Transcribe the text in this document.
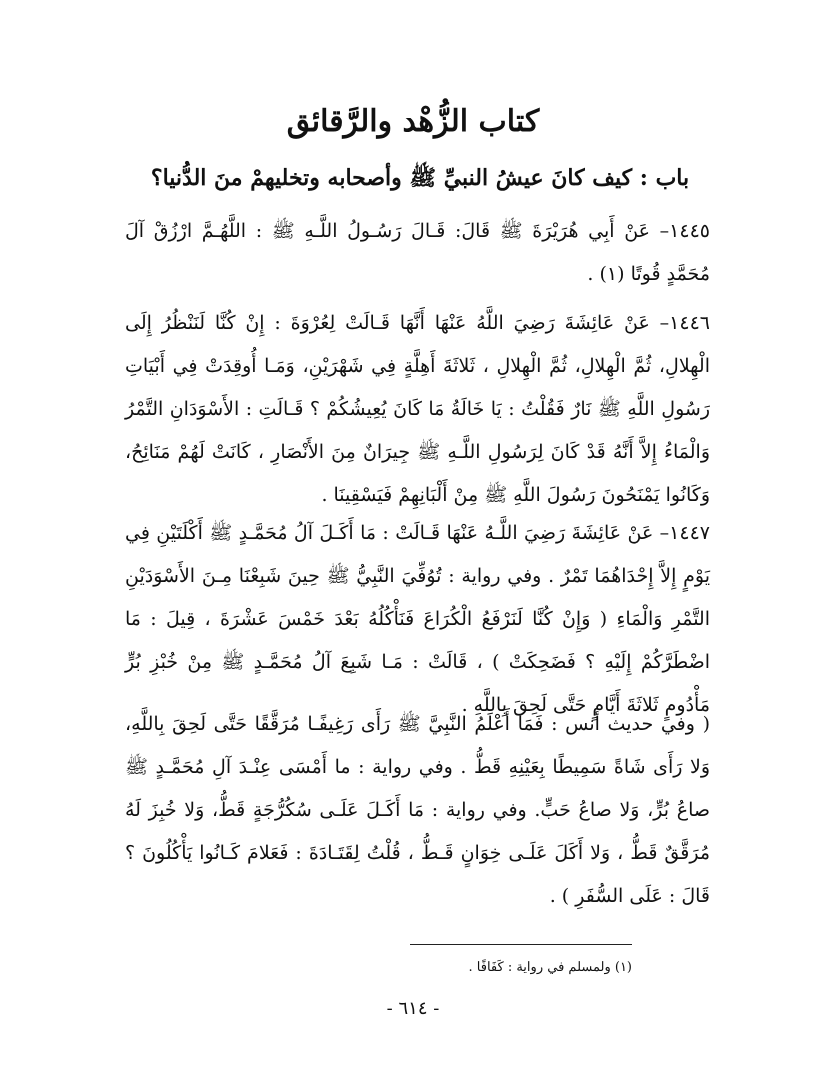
كتاب الزُّهْد والرَّقائق
باب : كيف كانَ عيشُ النبيِّ ﷺ وأصحابه وتخليهمْ منَ الدُّنيا؟
١٤٤٥– عَنْ أَبِي هُرَيْرَةَ ﷺ قَالَ: قَـالَ رَسُـولُ اللَّـهِ ﷺ : اللَّهُـمَّ ارْزُقْ آلَ مُحَمَّدٍ قُوتًا (١) .
١٤٤٦– عَنْ عَائِشَةَ رَضِيَ اللَّهُ عَنْهَا أَنَّهَا قَـالَتْ لِعُرْوَةَ : إِنْ كُنَّا لَنَنْظُرُ إِلَى الْهِلالِ، ثُمَّ الْهِلالِ، ثُمَّ الْهِلالِ ، ثَلاثَةَ أَهِلَّةٍ فِي شَهْرَيْنِ، وَمَـا أُوقِدَتْ فِي أَبْيَاتِ رَسُولِ اللَّهِ ﷺ نَارٌ فَقُلْتُ : يَا خَالَةُ مَا كَانَ يُعِيشُكُمْ ؟ قَـالَتِ : الأَسْوَدَانِ التَّمْرُ وَالْمَاءُ إِلاَّ أَنَّهُ قَدْ كَانَ لِرَسُولِ اللَّـهِ ﷺ جِيرَانٌ مِنَ الأَنْصَارِ ، كَانَتْ لَهُمْ مَنَائِحُ، وَكَانُوا يَمْنَحُونَ رَسُولَ اللَّهِ ﷺ مِنْ أَلْبَانِهِمْ فَيَسْقِينَا .
١٤٤٧– عَنْ عَائِشَةَ رَضِيَ اللَّـهُ عَنْهَا قَـالَتْ : مَا أَكَـلَ آلُ مُحَمَّـدٍ ﷺ أَكْلَتَيْنِ فِي يَوْمٍ إِلاَّ إِحْدَاهُمَا تَمْرٌ . وفي رواية : تُوُفِّيَ النَّبِيُّ ﷺ حِينَ شَبِعْنَا مِـنَ الأَسْوَدَيْنِ التَّمْرِ وَالْمَاءِ ( وَإِنْ كُنَّا لَنَرْفَعُ الْكُرَاعَ فَنَأْكُلُهُ بَعْدَ خَمْسَ عَشْرَةَ ، قِيلَ : مَا اضْطَرَّكُمْ إِلَيْهِ ؟ فَضَحِكَتْ ) ، قَالَتْ : مَـا شَبِعَ آلُ مُحَمَّـدٍ ﷺ مِنْ خُبْزِ بُرٍّ مَأْدُومٍ ثَلاثَةَ أَيَّامٍ حَتَّى لَحِقَ بِاللَّهِ .
( وفي حديث أنس : فَمَا أَعْلَمُ النَّبِيَّ ﷺ رَأَى رَغِيفًـا مُرَقَّقًا حَتَّى لَحِقَ بِاللَّهِ، وَلا رَأَى شَاةً سَمِيطًا بِعَيْنِهِ قَطُّ . وفي رواية : ما أَمْسَى عِنْـدَ آلِ مُحَمَّـدٍ ﷺ صاعُ بُرٍّ، وَلا صاعُ حَبٍّ. وفي رواية : مَا أَكَـلَ عَلَـى سُكُرُّجَةٍ قَطُّ، وَلا خُبِزَ لَهُ مُرَقَّقٌ قَطُّ ، وَلا أَكَلَ عَلَـى خِوَانٍ قَـطُّ ، قُلْتُ لِقَتَـادَةَ : فَعَلامَ كَـانُوا يَأْكُلُونَ ؟ قَالَ : عَلَى السُّفَرِ ) .
(١) ولمسلم في رواية : كَفَافًا .
- ٦١٤ -
